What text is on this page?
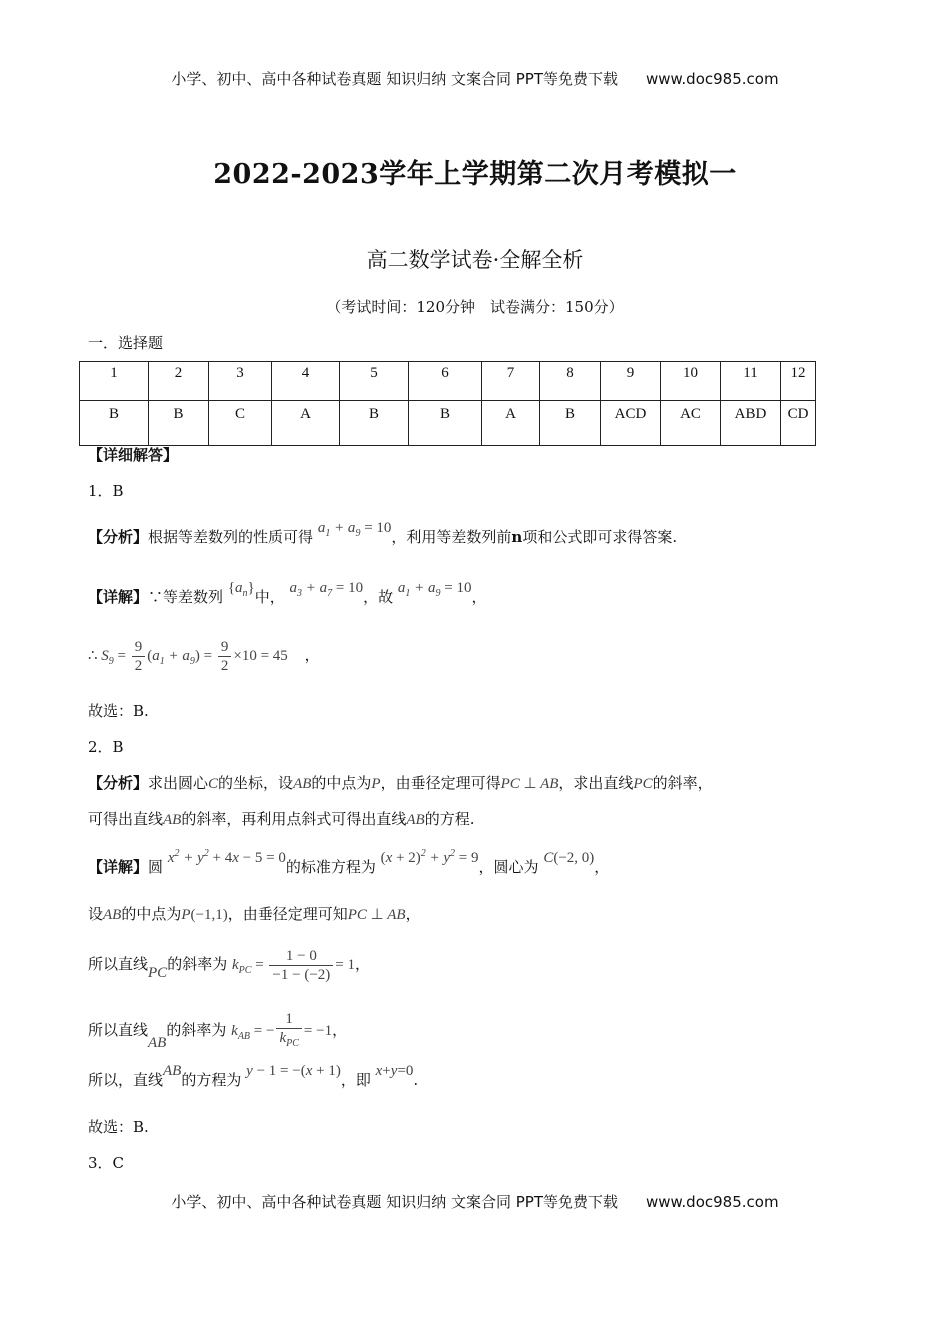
小学、初中、高中各种试卷真题 知识归纳 文案合同 PPT等免费下载 www.doc985.com
2022-2023学年上学期第二次月考模拟一
高二数学试卷·全解全析
（考试时间：120分钟　试卷满分：150分）
一．选择题
1	2	3	4	5	6	7	8	9	10	11	12
B	B	C	A	B	B	A	B	ACD	AC	ABD	CD
【详细解答】
1．B
【分析】根据等差数列的性质可得 $a_1 + a_9 = 10$，利用等差数列前n项和公式即可求得答案.
【详解】∵等差数列 $\{a_n\}$中， $a_3 + a_7 = 10$，故 $a_1 + a_9 = 10$，
∴ $S_9 = \frac{9}{2} (a_1 + a_9) = \frac{9}{2} \times 10 = 45$ ，
故选：B.
2．B
【分析】求出圆心C的坐标，设AB的中点为P，由垂径定理可得PC ⊥ AB，求出直线PC的斜率，
可得出直线AB的斜率，再利用点斜式可得出直线AB的方程.
【详解】圆 $x^2 + y^2 + 4x - 5 = 0$的标准方程为 $(x + 2)^2 + y^2 = 9$，圆心为 C(−2, 0)，
设AB的中点为P(−1,1)，由垂径定理可知PC ⊥ AB，
所以直线PC的斜率为 $k_{PC} = \frac{1 - 0}{-1 - (-2)} = 1$，
所以直线AB的斜率为 $k_{AB}$ = − $\frac{1}{k_{PC}} = -1$，
所以，直线AB的方程为 y − 1 = −(x + 1)，即 x+y=0.
故选：B.
3．C
小学、初中、高中各种试卷真题 知识归纳 文案合同 PPT等免费下载 www.doc985.com
